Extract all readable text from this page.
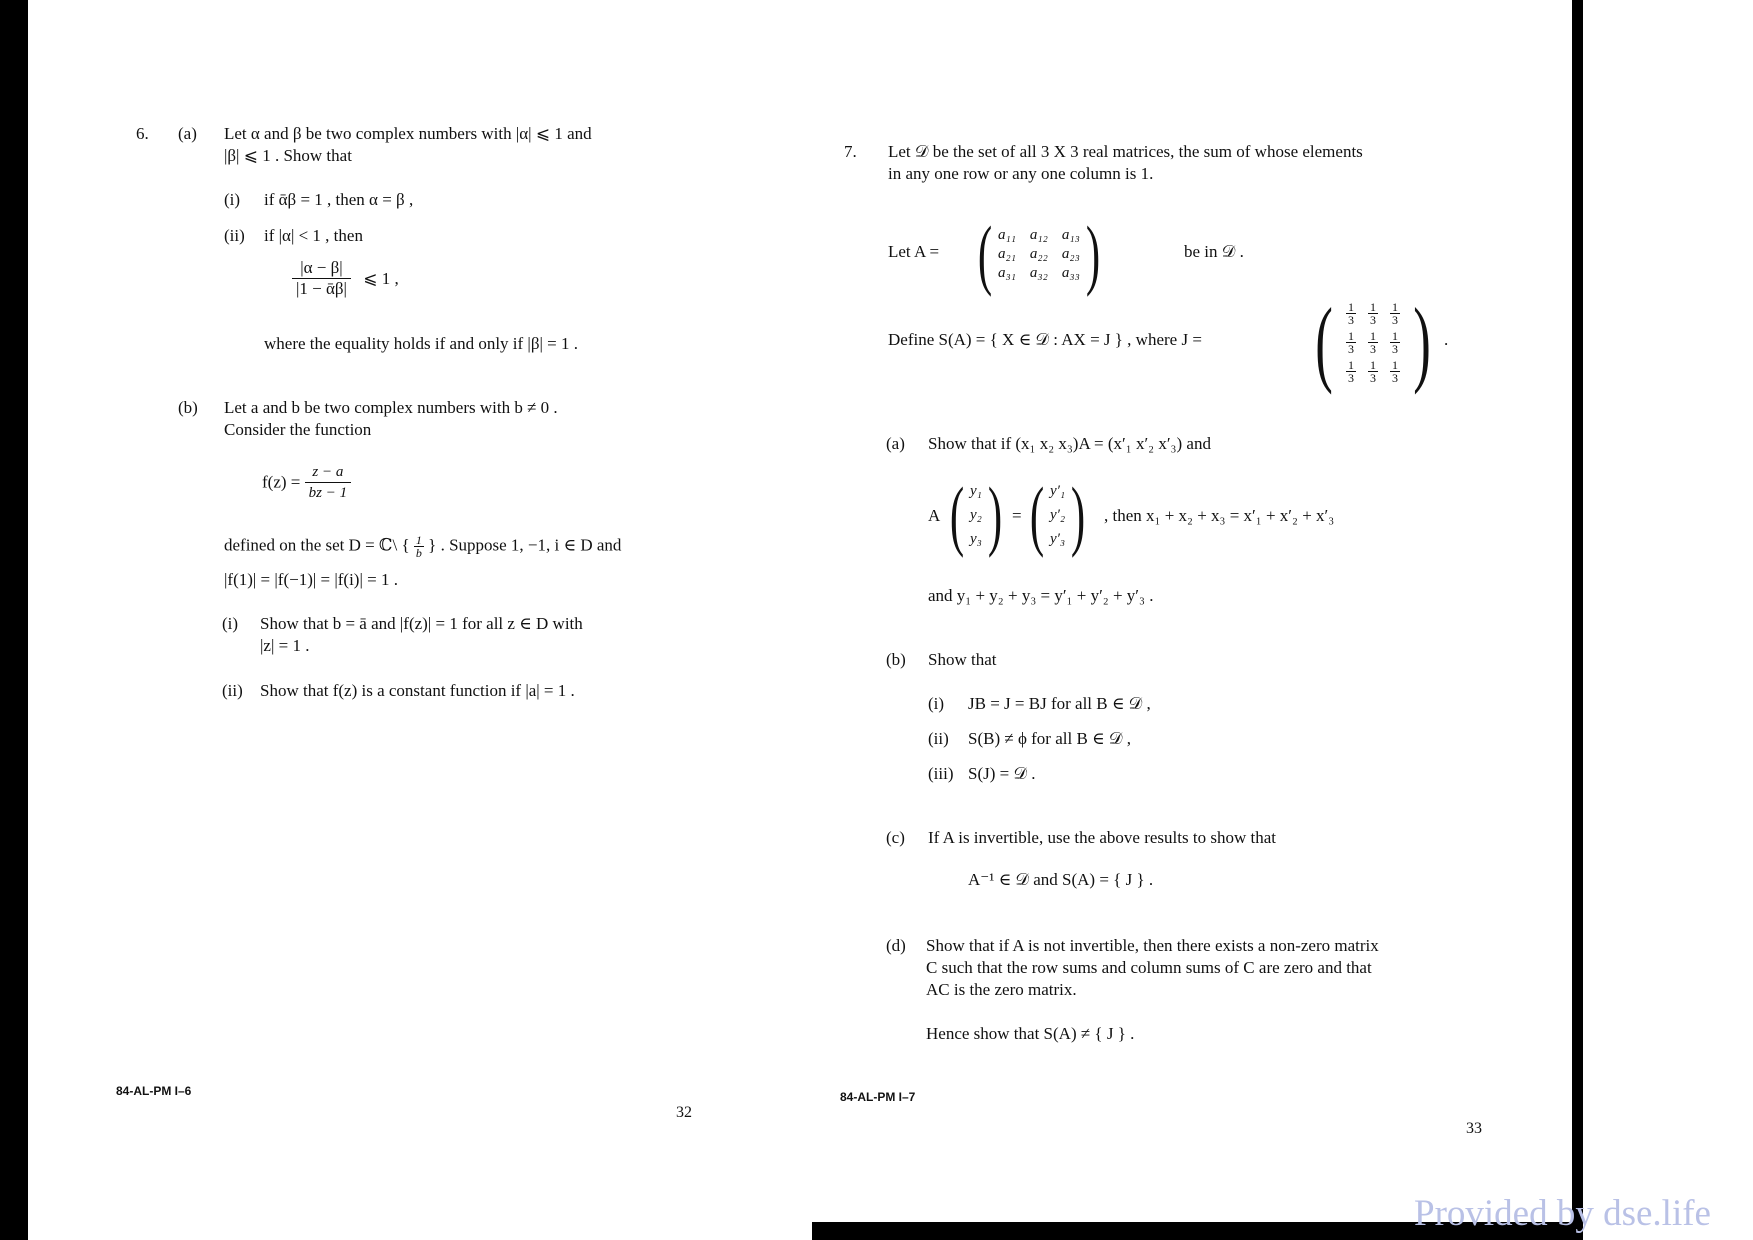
6. (a) Let α and β be two complex numbers with |α| ⩽ 1 and
|β| ⩽ 1 . Show that
(i) if ᾱβ = 1 , then α = β ,
(ii) if |α| < 1 , then
$\frac{|\alpha - \beta|}{\text{|1 − ᾱβ|}}$ ⩽ 1 ,
where the equality holds if and only if |β| = 1 .
(b) Let a and b be two complex numbers with b ≠ 0 .
Consider the function
$f(z) = \frac{z - a}{bz - 1}$
defined on the set D = ℂ\ { $\frac{1}{b}$ } . Suppose 1, −1, i ∈ D and
|f(1)| = |f(−1)| = |f(i)| = 1 .
(i) Show that b = ā and |f(z)| = 1 for all z ∈ D with
|z| = 1 .
(ii) Show that f(z) is a constant function if |a| = 1 .
84-AL-PM I–6
32
7. Let 𝒟 be the set of all 3 X 3 real matrices, the sum of whose elements
in any one row or any one column is 1.
Let A = ( a₁₁ a₁₂ a₁₃
a₂₁ a₂₂ a₂₃
a₃₁ a₃₂ a₃₃ )	be in 𝒟 .
Define S(A) = { X ∈ 𝒟 : AX = J } , where J = ( $\frac{1}{3} \frac{1}{3} \frac{1}{3}$
$\frac{1}{3} \frac{1}{3} \frac{1}{3}$
$\frac{1}{3} \frac{1}{3} \frac{1}{3}$ ) .
(a) Show that if (x₁ x₂ x₃)A = (x′₁ x′₂ x′₃) and
A ( y₁
y₂
y₃ ) = ( y′₁
y′₂
y′₃ ) , then x₁ + x₂ + x₃ = x′₁ + x′₂ + x′₃
and y₁ + y₂ + y₃ = y′₁ + y′₂ + y′₃ .
(b) Show that
(i) JB = J = BJ for all B ∈ 𝒟 ,
(ii) S(B) ≠ ϕ for all B ∈ 𝒟 ,
(iii) S(J) = 𝒟 .
(c) If A is invertible, use the above results to show that
A⁻¹ ∈ 𝒟 and S(A) = { J } .
(d) Show that if A is not invertible, then there exists a non-zero matrix
C such that the row sums and column sums of C are zero and that
AC is the zero matrix.
Hence show that S(A) ≠ { J } .
84-AL-PM I–7
33
Provided by dse.life
